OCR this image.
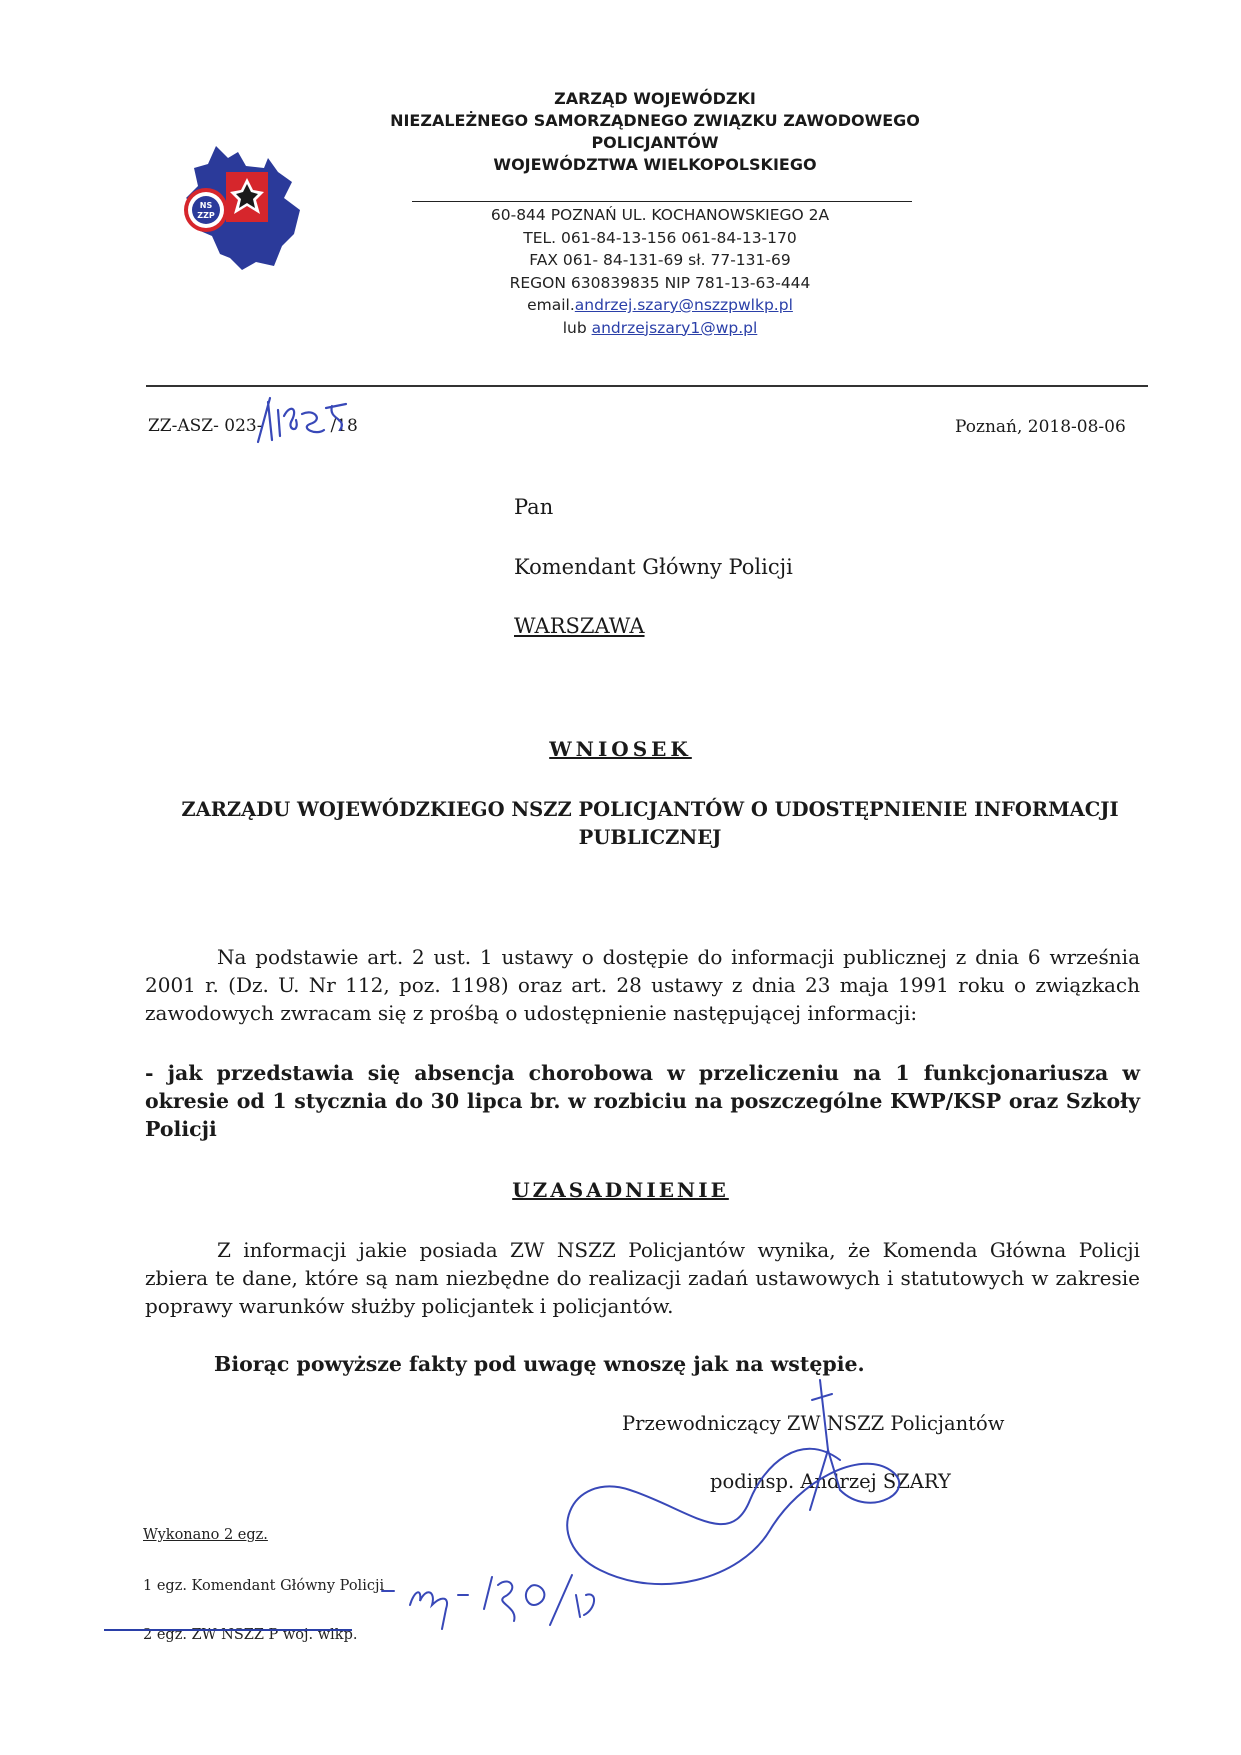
NS
ZZP
ZARZĄD WOJEWÓDZKI
NIEZALEŻNEGO SAMORZĄDNEGO ZWIĄZKU ZAWODOWEGO
POLICJANTÓW
WOJEWÓDZTWA WIELKOPOLSKIEGO
60-844 POZNAŃ UL. KOCHANOWSKIEGO 2A
TEL. 061-84-13-156 061-84-13-170
FAX 061- 84-131-69 sł. 77-131-69
REGON 630839835 NIP 781-13-63-444
email.andrzej.szary@nszzpwlkp.pl
lub andrzejszary1@wp.pl
ZZ-ASZ- 023-	/18	Poznań, 2018-08-06
Pan
Komendant Główny Policji
WARSZAWA
WNIOSEK
ZARZĄDU WOJEWÓDZKIEGO NSZZ POLICJANTÓW O UDOSTĘPNIENIE INFORMACJI
PUBLICZNEJ
Na podstawie art. 2 ust. 1 ustawy o dostępie do informacji publicznej z dnia 6 września 2001 r. (Dz. U. Nr 112, poz. 1198) oraz art. 28 ustawy z dnia 23 maja 1991 roku o związkach zawodowych zwracam się z prośbą o udostępnienie następującej informacji:
- jak przedstawia się absencja chorobowa w przeliczeniu na 1 funkcjonariusza w okresie od 1 stycznia do 30 lipca br. w rozbiciu na poszczególne KWP/KSP oraz Szkoły Policji
UZASADNIENIE
Z informacji jakie posiada ZW NSZZ Policjantów wynika, że Komenda Główna Policji zbiera te dane, które są nam niezbędne do realizacji zadań ustawowych i statutowych w zakresie poprawy warunków służby policjantek i policjantów.
Biorąc powyższe fakty pod uwagę wnoszę jak na wstępie.
Przewodniczący ZW NSZZ Policjantów
podinsp. Andrzej SZARY
Wykonano 2 egz.
1 egz. Komendant Główny Policji
2 egz. ZW NSZZ P woj. wlkp.
